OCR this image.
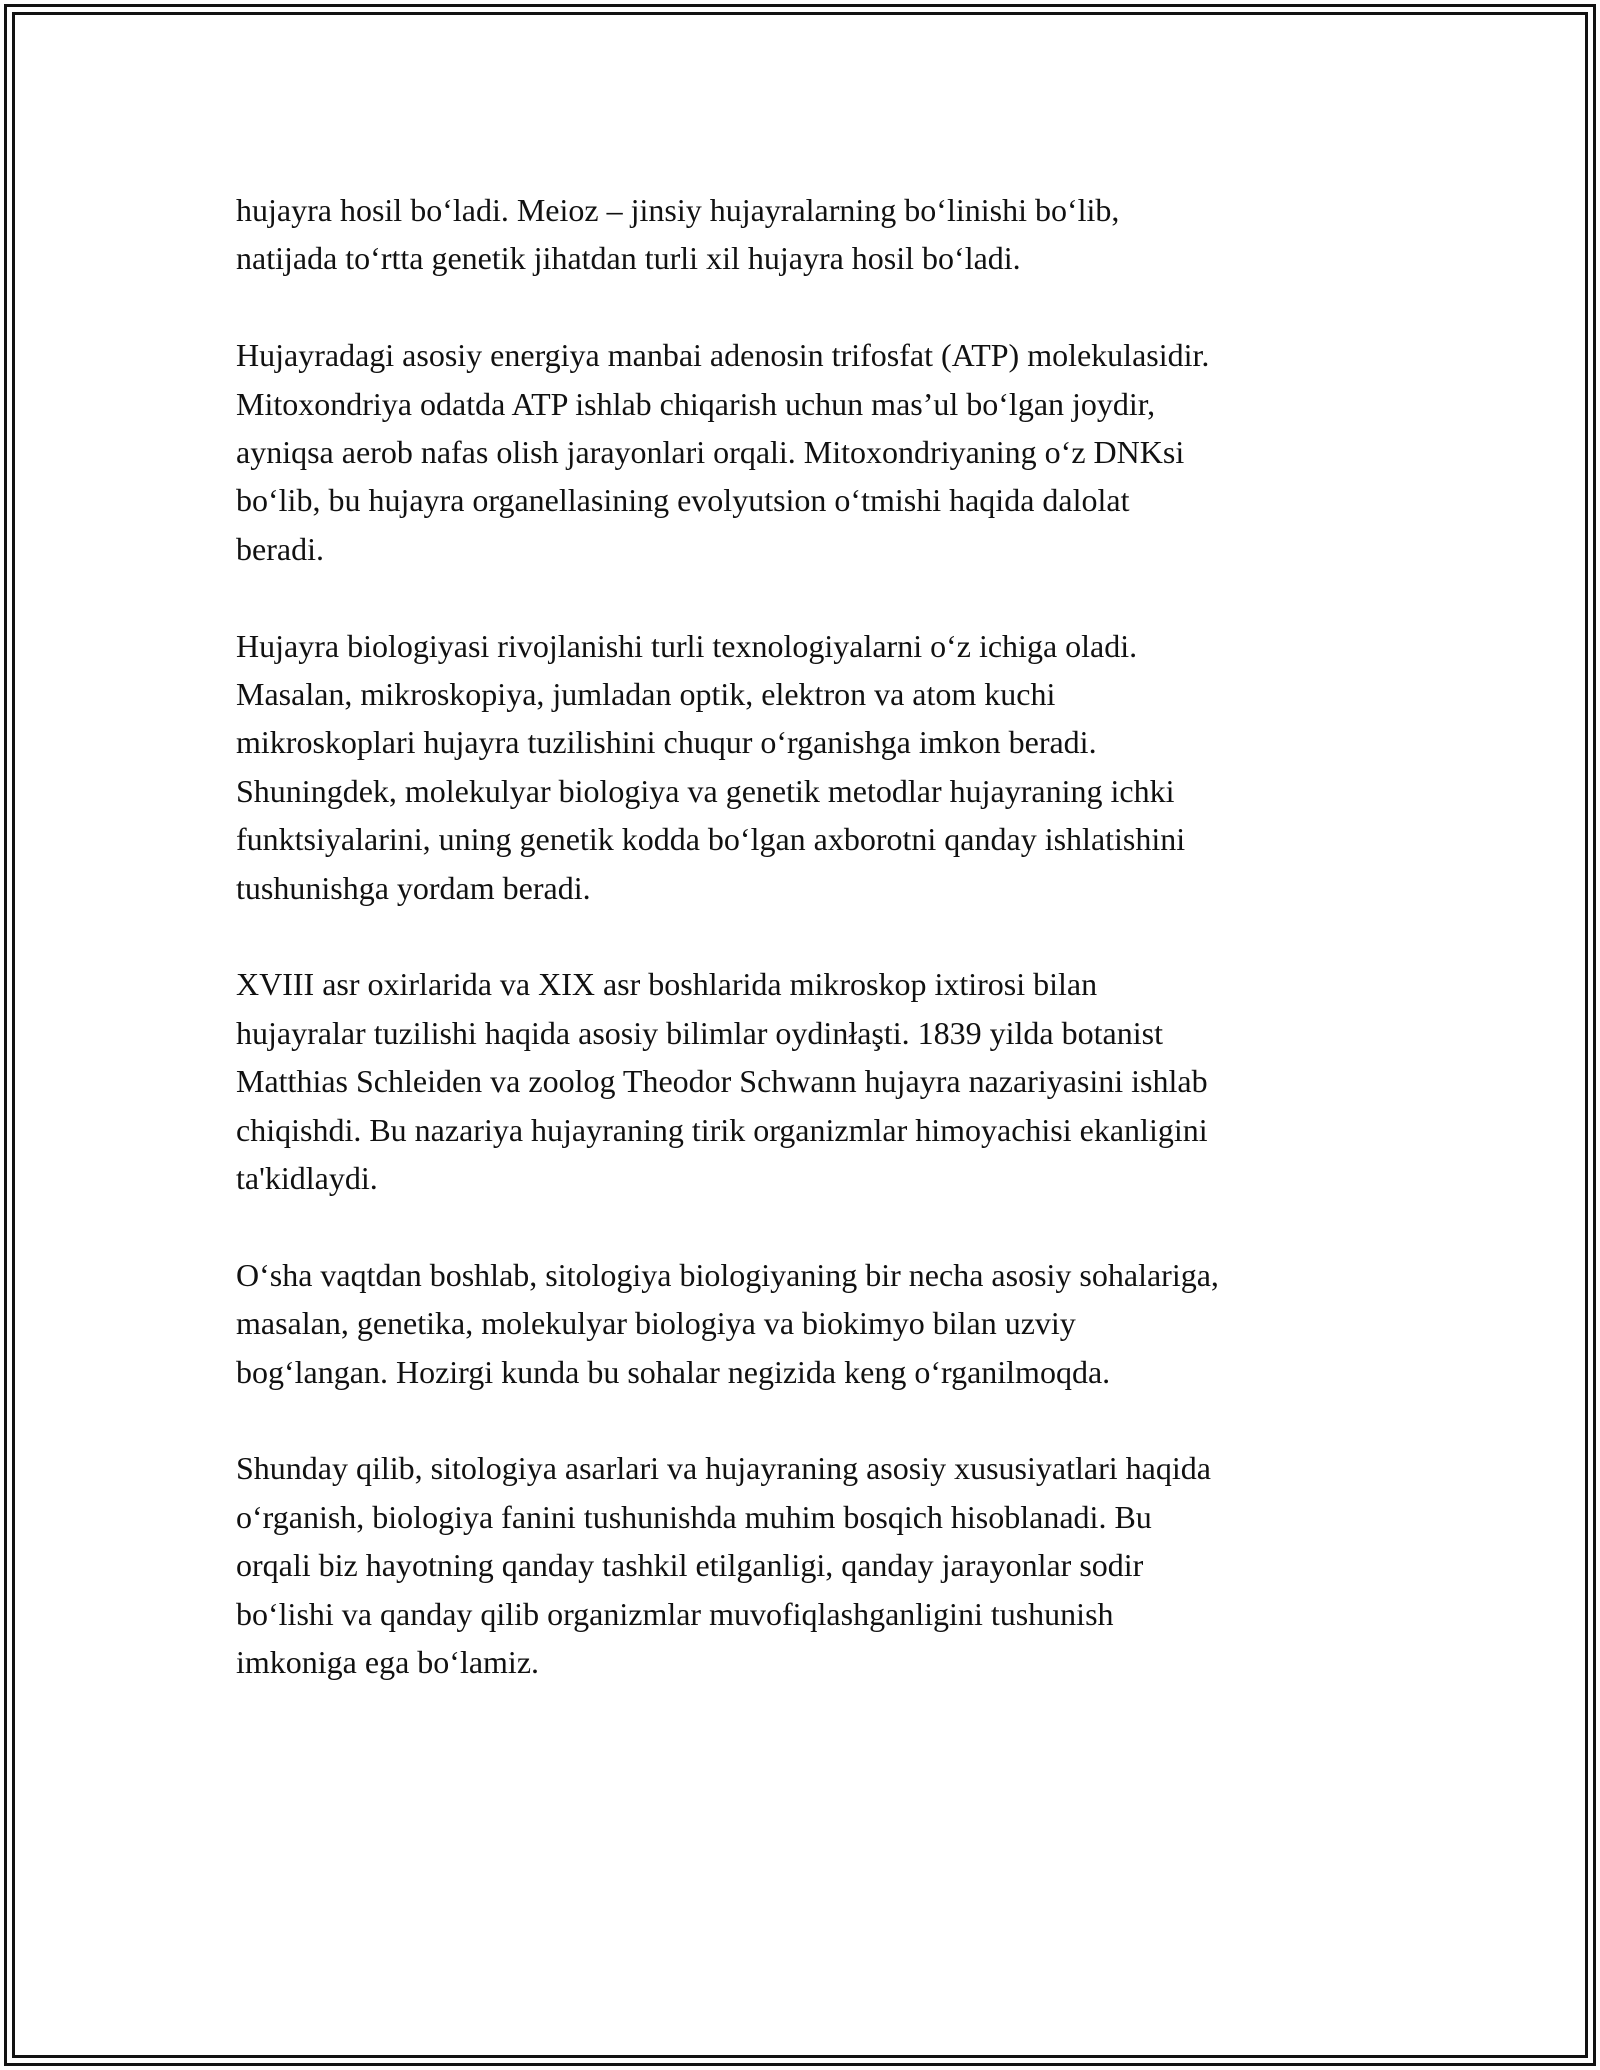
hujayra hosil bo‘ladi. Meioz – jinsiy hujayralarning bo‘linishi bo‘lib,
natijada to‘rtta genetik jihatdan turli xil hujayra hosil bo‘ladi.

Hujayradagi asosiy energiya manbai adenosin trifosfat (ATP) molekulasidir.
Mitoxondriya odatda ATP ishlab chiqarish uchun mas’ul bo‘lgan joydir,
ayniqsa aerob nafas olish jarayonlari orqali. Mitoxondriyaning o‘z DNKsi
bo‘lib, bu hujayra organellasining evolyutsion o‘tmishi haqida dalolat
beradi.

Hujayra biologiyasi rivojlanishi turli texnologiyalarni o‘z ichiga oladi.
Masalan, mikroskopiya, jumladan optik, elektron va atom kuchi
mikroskoplari hujayra tuzilishini chuqur o‘rganishga imkon beradi.
Shuningdek, molekulyar biologiya va genetik metodlar hujayraning ichki
funktsiyalarini, uning genetik kodda bo‘lgan axborotni qanday ishlatishini
tushunishga yordam beradi.

XVIII asr oxirlarida va XIX asr boshlarida mikroskop ixtirosi bilan
hujayralar tuzilishi haqida asosiy bilimlar oydinłaşti. 1839 yilda botanist
Matthias Schleiden va zoolog Theodor Schwann hujayra nazariyasini ishlab
chiqishdi. Bu nazariya hujayraning tirik organizmlar himoyachisi ekanligini
ta'kidlaydi.

O‘sha vaqtdan boshlab, sitologiya biologiyaning bir necha asosiy sohalariga,
masalan, genetika, molekulyar biologiya va biokimyo bilan uzviy
bog‘langan. Hozirgi kunda bu sohalar negizida keng o‘rganilmoqda.

Shunday qilib, sitologiya asarlari va hujayraning asosiy xususiyatlari haqida
o‘rganish, biologiya fanini tushunishda muhim bosqich hisoblanadi. Bu
orqali biz hayotning qanday tashkil etilganligi, qanday jarayonlar sodir
bo‘lishi va qanday qilib organizmlar muvofiqlashganligini tushunish
imkoniga ega bo‘lamiz.
